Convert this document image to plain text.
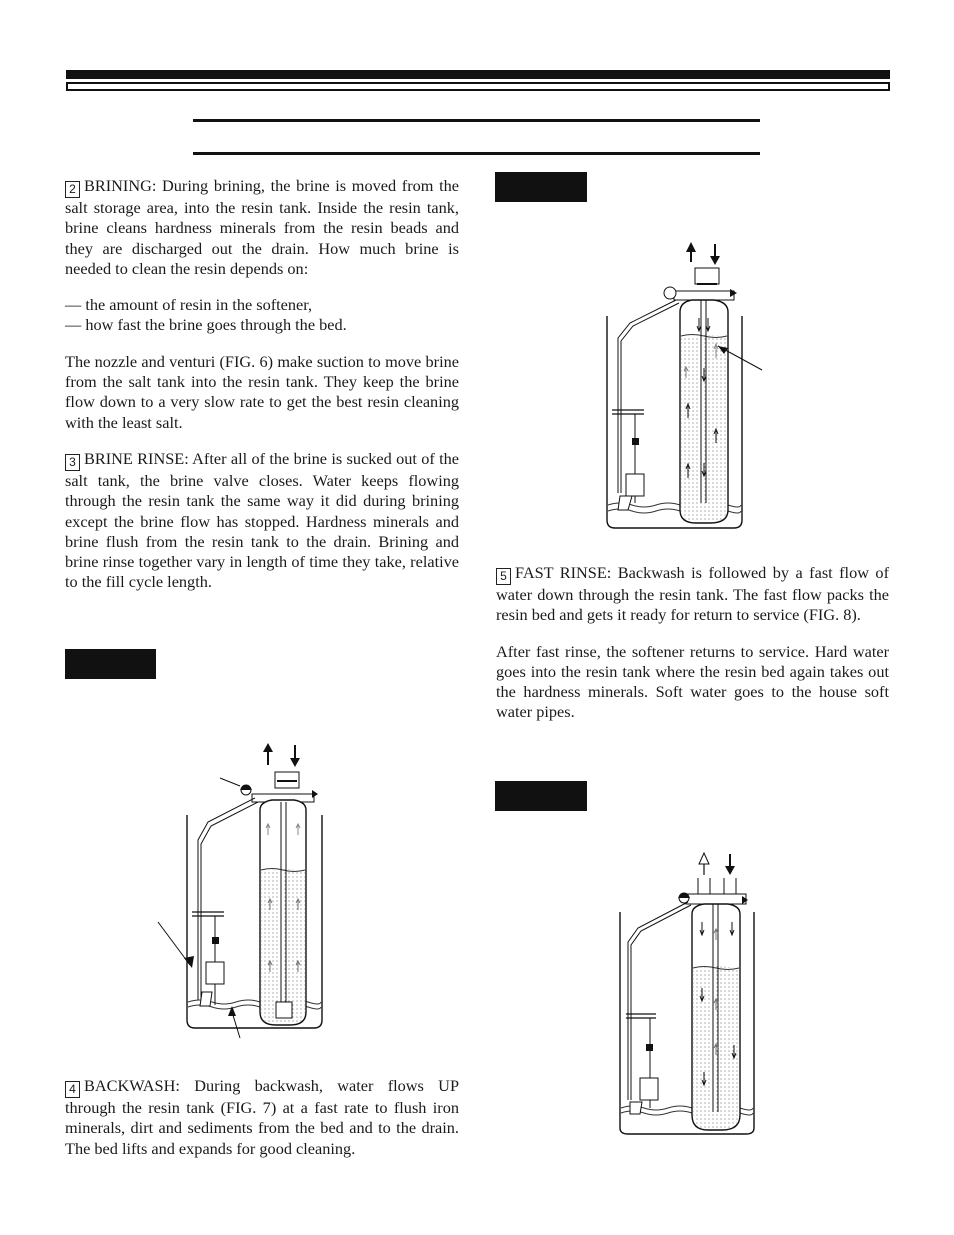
2 BRINING: During brining, the brine is moved from the salt storage area, into the resin tank. Inside the resin tank, brine cleans hardness minerals from the resin beads and they are discharged out the drain. How much brine is needed to clean the resin depends on:

–– the amount of resin in the softener,
–– how fast the brine goes through the bed.

The nozzle and venturi (FIG. 6) make suction to move brine from the salt tank into the resin tank. They keep the brine flow down to a very slow rate to get the best resin cleaning with the least salt.

3 BRINE RINSE: After all of the brine is sucked out of the salt tank, the brine valve closes. Water keeps flowing through the resin tank the same way it did during brining except the brine flow has stopped. Hardness minerals and brine flush from the resin tank to the drain. Brining and brine rinse together vary in length of time they take, relative to the fill cycle length.

4 BACKWASH: During backwash, water flows UP through the resin tank (FIG. 7) at a fast rate to flush iron minerals, dirt and sediments from the bed and to the drain. The bed lifts and expands for good cleaning.

5 FAST RINSE: Backwash is followed by a fast flow of water down through the resin tank. The fast flow packs the resin bed and gets it ready for return to service (FIG. 8).

After fast rinse, the softener returns to service. Hard water goes into the resin tank where the resin bed again takes out the hardness minerals. Soft water goes to the house soft water pipes.
